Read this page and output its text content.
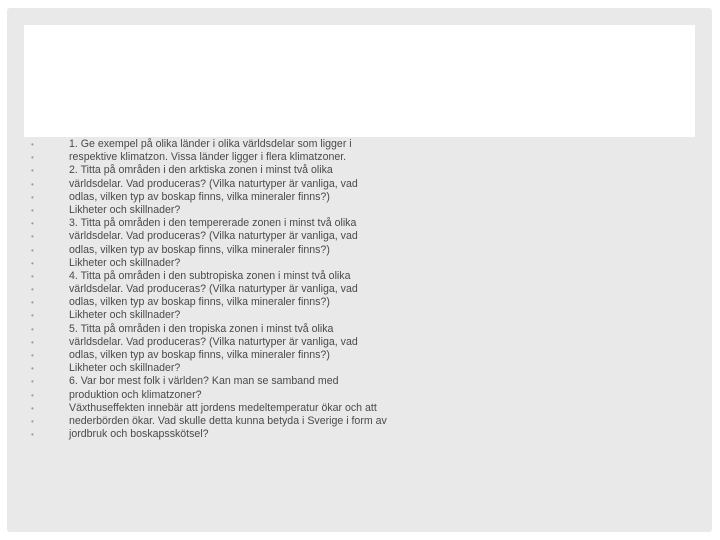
•	1. Ge exempel på olika länder i olika världsdelar som ligger i
•	respektive klimatzon. Vissa länder ligger i flera klimatzoner.
•	2. Titta på områden i den arktiska zonen i minst två olika
•	världsdelar. Vad produceras? (Vilka naturtyper är vanliga, vad
•	odlas, vilken typ av boskap finns, vilka mineraler finns?)
•	Likheter och skillnader?
•	3. Titta på områden i den tempererade zonen i minst två olika
•	världsdelar. Vad produceras? (Vilka naturtyper är vanliga, vad
•	odlas, vilken typ av boskap finns, vilka mineraler finns?)
•	Likheter och skillnader?
•	4. Titta på områden i den subtropiska zonen i minst två olika
•	världsdelar. Vad produceras? (Vilka naturtyper är vanliga, vad
•	odlas, vilken typ av boskap finns, vilka mineraler finns?)
•	Likheter och skillnader?
•	5. Titta på områden i den tropiska zonen i minst två olika
•	världsdelar. Vad produceras? (Vilka naturtyper är vanliga, vad
•	odlas, vilken typ av boskap finns, vilka mineraler finns?)
•	Likheter och skillnader?
•	6. Var bor mest folk i världen? Kan man se samband med
•	produktion och klimatzoner?
•	Växthuseffekten innebär att jordens medeltemperatur ökar och att
•	nederbörden ökar. Vad skulle detta kunna betyda i Sverige i form av
•	jordbruk och boskapsskötsel?
